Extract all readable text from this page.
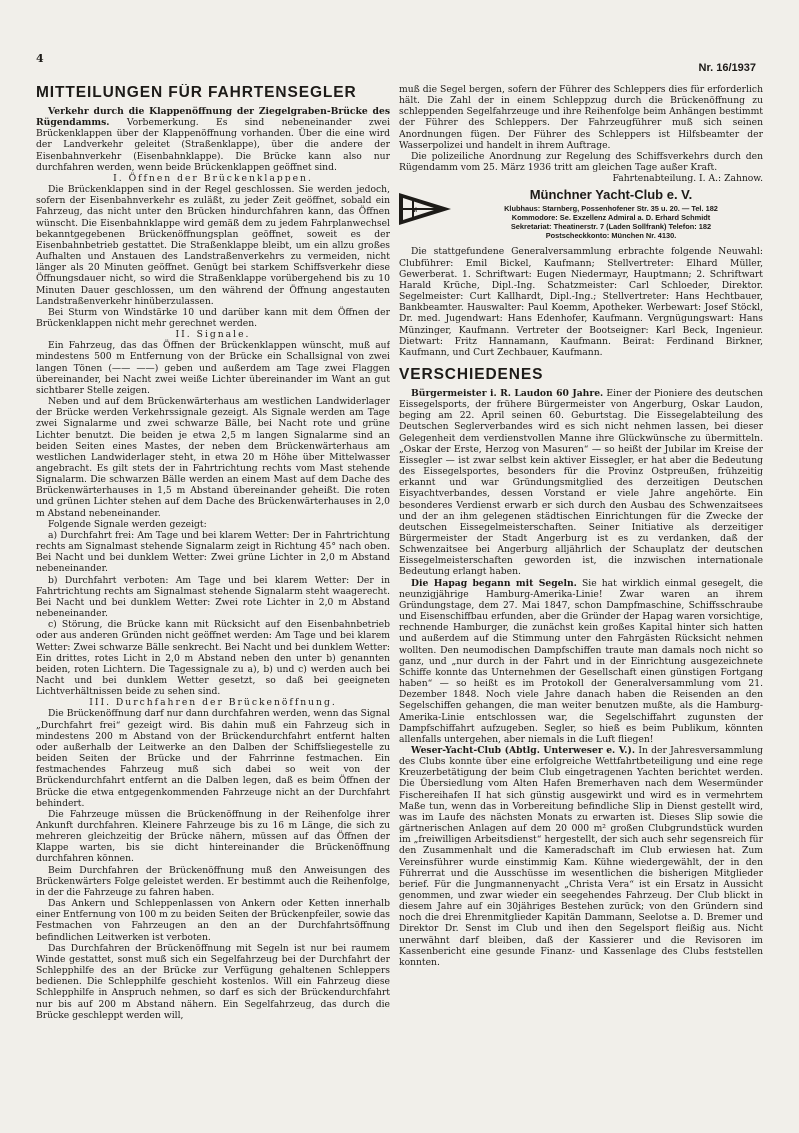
4
Nr. 16/1937
MITTEILUNGEN FÜR FAHRTENSEGLER

Verkehr durch die Klappenöffnung der Ziegelgraben-Brücke des Rügendamms. Vorbemerkung. Es sind nebeneinander zwei Brückenklappen über der Klappenöffnung vorhanden. Über die eine wird der Landverkehr geleitet (Straßenklappe), über die andere der Eisenbahnverkehr (Eisenbahnklappe). Die Brücke kann also nur durchfahren werden, wenn beide Brückenklappen geöffnet sind.

I. Öffnen der Brückenklappen.

Die Brückenklappen sind in der Regel geschlossen. Sie werden jedoch, sofern der Eisenbahnverkehr es zuläßt, zu jeder Zeit geöffnet, sobald ein Fahrzeug, das nicht unter den Brücken hindurchfahren kann, das Öffnen wünscht. Die Eisenbahnklappe wird gemäß dem zu jedem Fahrplanwechsel bekanntgegebenen Brückenöffnungsplan geöffnet, soweit es der Eisenbahnbetrieb gestattet. Die Straßenklappe bleibt, um ein allzu großes Aufhalten und Anstauen des Landstraßenverkehrs zu vermeiden, nicht länger als 20 Minuten geöffnet. Genügt bei starkem Schiffsverkehr diese Öffnungsdauer nicht, so wird die Straßenklappe vorübergehend bis zu 10 Minuten Dauer geschlossen, um den während der Öffnung angestauten Landstraßenverkehr hinüberzulassen.

Bei Sturm von Windstärke 10 und darüber kann mit dem Öffnen der Brückenklappen nicht mehr gerechnet werden.

II. Signale.

Ein Fahrzeug, das das Öffnen der Brückenklappen wünscht, muß auf mindestens 500 m Entfernung von der Brücke ein Schallsignal von zwei langen Tönen (—— ——) geben und außerdem am Tage zwei Flaggen übereinander, bei Nacht zwei weiße Lichter übereinander im Want an gut sichtbarer Stelle zeigen.

Neben und auf dem Brückenwärterhaus am westlichen Landwiderlager der Brücke werden Verkehrssignale gezeigt. Als Signale werden am Tage zwei Signalarme und zwei schwarze Bälle, bei Nacht rote und grüne Lichter benutzt. Die beiden je etwa 2,5 m langen Signalarme sind an beiden Seiten eines Mastes, der neben dem Brückenwärterhaus am westlichen Landwiderlager steht, in etwa 20 m Höhe über Mittelwasser angebracht. Es gilt stets der in Fahrtrichtung rechts vom Mast stehende Signalarm. Die schwarzen Bälle werden an einem Mast auf dem Dache des Brückenwärterhauses in 1,5 m Abstand übereinander geheißt. Die roten und grünen Lichter stehen auf dem Dache des Brückenwärterhauses in 2,0 m Abstand nebeneinander.

Folgende Signale werden gezeigt:

a) Durchfahrt frei: Am Tage und bei klarem Wetter: Der in Fahrtrichtung rechts am Signalmast stehende Signalarm zeigt in Richtung 45° nach oben. Bei Nacht und bei dunklem Wetter: Zwei grüne Lichter in 2,0 m Abstand nebeneinander.

b) Durchfahrt verboten: Am Tage und bei klarem Wetter: Der in Fahrtrichtung rechts am Signalmast stehende Signalarm steht waagerecht. Bei Nacht und bei dunklem Wetter: Zwei rote Lichter in 2,0 m Abstand nebeneinander.

c) Störung, die Brücke kann mit Rücksicht auf den Eisenbahnbetrieb oder aus anderen Gründen nicht geöffnet werden: Am Tage und bei klarem Wetter: Zwei schwarze Bälle senkrecht. Bei Nacht und bei dunklem Wetter: Ein drittes, rotes Licht in 2,0 m Abstand neben den unter b) genannten beiden, roten Lichtern. Die Tagessignale zu a), b) und c) werden auch bei Nacht und bei dunklem Wetter gesetzt, so daß bei geeigneten Lichtverhältnissen beide zu sehen sind.

III. Durchfahren der Brückenöffnung.

Die Brückenöffnung darf nur dann durchfahren werden, wenn das Signal „Durchfahrt frei“ gezeigt wird. Bis dahin muß ein Fahrzeug sich in mindestens 200 m Abstand von der Brückendurchfahrt entfernt halten oder außerhalb der Leitwerke an den Dalben der Schiffsliegestelle zu beiden Seiten der Brücke und der Fahrrinne festmachen. Ein festmachendes Fahrzeug muß sich dabei so weit von der Brückendurchfahrt entfernt an die Dalben legen, daß es beim Öffnen der Brücke die etwa entgegenkommenden Fahrzeuge nicht an der Durchfahrt behindert.

Die Fahrzeuge müssen die Brückenöffnung in der Reihenfolge ihrer Ankunft durchfahren. Kleinere Fahrzeuge bis zu 16 m Länge, die sich zu mehreren gleichzeitig der Brücke nähern, müssen auf das Öffnen der Klappe warten, bis sie dicht hintereinander die Brückenöffnung durchfahren können.

Beim Durchfahren der Brückenöffnung muß den Anweisungen des Brückenwärters Folge geleistet werden. Er bestimmt auch die Reihenfolge, in der die Fahrzeuge zu fahren haben.

Das Ankern und Schleppenlassen von Ankern oder Ketten innerhalb einer Entfernung von 100 m zu beiden Seiten der Brückenpfeiler, sowie das Festmachen von Fahrzeugen an den an der Durchfahrtsöffnung befindlichen Leitwerken ist verboten.

Das Durchfahren der Brückenöffnung mit Segeln ist nur bei raumem Winde gestattet, sonst muß sich ein Segelfahrzeug bei der Durchfahrt der Schlepphilfe des an der Brücke zur Verfügung gehaltenen Schleppers bedienen. Die Schlepphilfe geschieht kostenlos. Will ein Fahrzeug diese Schlepphilfe in Anspruch nehmen, so darf es sich der Brückendurchfahrt nur bis auf 200 m Abstand nähern. Ein Segelfahrzeug, das durch die Brücke geschleppt werden will,

muß die Segel bergen, sofern der Führer des Schleppers dies für erforderlich hält. Die Zahl der in einem Schleppzug durch die Brückenöffnung zu schleppenden Segelfahrzeuge und ihre Reihenfolge beim Anhängen bestimmt der Führer des Schleppers. Der Fahrzeugführer muß sich seinen Anordnungen fügen. Der Führer des Schleppers ist Hilfsbeamter der Wasserpolizei und handelt in ihrem Auftrage.

Die polizeiliche Anordnung zur Regelung des Schiffsverkehrs durch den Rügendamm vom 25. März 1936 tritt am gleichen Tage außer Kraft.

Fahrtenabteilung. I. A.: Zahnow.

M
Münchner Yacht-Club e. V.
Klubhaus: Starnberg, Possenhofener Str. 35 u. 20. — Tel. 182
Kommodore: Se. Exzellenz Admiral a. D. Erhard Schmidt
Sekretariat: Theatinerstr. 7 (Laden Sollfrank) Telefon: 182
Postscheckkonto: München Nr. 4130.

Die stattgefundene Generalversammlung erbrachte folgende Neuwahl: Clubführer: Emil Bickel, Kaufmann; Stellvertreter: Elhard Müller, Gewerberat. 1. Schriftwart: Eugen Niedermayr, Hauptmann; 2. Schriftwart Harald Krüche, Dipl.-Ing. Schatzmeister: Carl Schloeder, Direktor. Segelmeister: Curt Kallhardt, Dipl.-Ing.; Stellvertreter: Hans Hechtbauer, Bankbeamter. Hauswalter: Paul Koemm, Apotheker. Werbewart: Josef Stöckl, Dr. med. Jugendwart: Hans Edenhofer, Kaufmann. Vergnügungswart: Hans Münzinger, Kaufmann. Vertreter der Bootseigner: Karl Beck, Ingenieur. Dietwart: Fritz Hannamann, Kaufmann. Beirat: Ferdinand Birkner, Kaufmann, und Curt Zechbauer, Kaufmann.

VERSCHIEDENES

Bürgermeister i. R. Laudon 60 Jahre. Einer der Pioniere des deutschen Eissegelsports, der frühere Bürgermeister von Angerburg, Oskar Laudon, beging am 22. April seinen 60. Geburtstag. Die Eissegelabteilung des Deutschen Seglerverbandes wird es sich nicht nehmen lassen, bei dieser Gelegenheit dem verdienstvollen Manne ihre Glückwünsche zu übermitteln. „Oskar der Erste, Herzog von Masuren“ — so heißt der Jubilar im Kreise der Eissegler — ist zwar selbst kein aktiver Eissegler, er hat aber die Bedeutung des Eissegelsportes, besonders für die Provinz Ostpreußen, frühzeitig erkannt und war Gründungsmitglied des derzeitigen Deutschen Eisyachtverbandes, dessen Vorstand er viele Jahre angehörte. Ein besonderes Verdienst erwarb er sich durch den Ausbau des Schwenzaitsees und der an ihm gelegenen städtischen Einrichtungen für die Zwecke der deutschen Eissegelmeisterschaften. Seiner Initiative als derzeitiger Bürgermeister der Stadt Angerburg ist es zu verdanken, daß der Schwenzaitsee bei Angerburg alljährlich der Schauplatz der deutschen Eissegelmeisterschaften geworden ist, die inzwischen internationale Bedeutung erlangt haben.

Die Hapag begann mit Segeln. Sie hat wirklich einmal gesegelt, die neunzigjährige Hamburg-Amerika-Linie! Zwar waren an ihrem Gründungstage, dem 27. Mai 1847, schon Dampfmaschine, Schiffsschraube und Eisenschiffbau erfunden, aber die Gründer der Hapag waren vorsichtige, rechnende Hamburger, die zunächst kein großes Kapital hinter sich hatten und außerdem auf die Stimmung unter den Fahrgästen Rücksicht nehmen wollten. Den neumodischen Dampfschiffen traute man damals noch nicht so ganz, und „nur durch in der Fahrt und in der Einrichtung ausgezeichnete Schiffe konnte das Unternehmen der Gesellschaft einen günstigen Fortgang haben“ — so heißt es im Protokoll der Generalversammlung vom 21. Dezember 1848. Noch viele Jahre danach haben die Reisenden an den Segelschiffen gehangen, die man weiter benutzen mußte, als die Hamburg-Amerika-Linie entschlossen war, die Segelschiffahrt zugunsten der Dampfschiffahrt aufzugeben. Segler, so hieß es beim Publikum, könnten allenfalls untergehen, aber niemals in die Luft fliegen!

Weser-Yacht-Club (Abtlg. Unterweser e. V.). In der Jahresversammlung des Clubs konnte über eine erfolgreiche Wettfahrtbeteiligung und eine rege Kreuzerbetätigung der beim Club eingetragenen Yachten berichtet werden. Die Übersiedlung vom Alten Hafen Bremerhaven nach dem Wesermünder Fischereihafen II hat sich günstig ausgewirkt und wird es in vermehrtem Maße tun, wenn das in Vorbereitung befindliche Slip in Dienst gestellt wird, was im Laufe des nächsten Monats zu erwarten ist. Dieses Slip sowie die gärtnerischen Anlagen auf dem 20 000 m² großen Clubgrundstück wurden im „freiwilligen Arbeitsdienst“ hergestellt, der sich auch sehr segensreich für den Zusammenhalt und die Kameradschaft im Club erwiesen hat. Zum Vereinsführer wurde einstimmig Kam. Kühne wiedergewählt, der in den Führerrat und die Ausschüsse im wesentlichen die bisherigen Mitglieder berief. Für die Jungmannenyacht „Christa Vera“ ist ein Ersatz in Aussicht genommen, und zwar wieder ein seegehendes Fahrzeug. Der Club blickt in diesem Jahre auf ein 30jähriges Bestehen zurück; von den Gründern sind noch die drei Ehrenmitglieder Kapitän Dammann, Seelotse a. D. Bremer und Direktor Dr. Senst im Club und ihen den Segelsport fleißig aus. Nicht unerwähnt darf bleiben, daß der Kassierer und die Revisoren im Kassenbericht eine gesunde Finanz- und Kassenlage des Clubs feststellen konnten.
